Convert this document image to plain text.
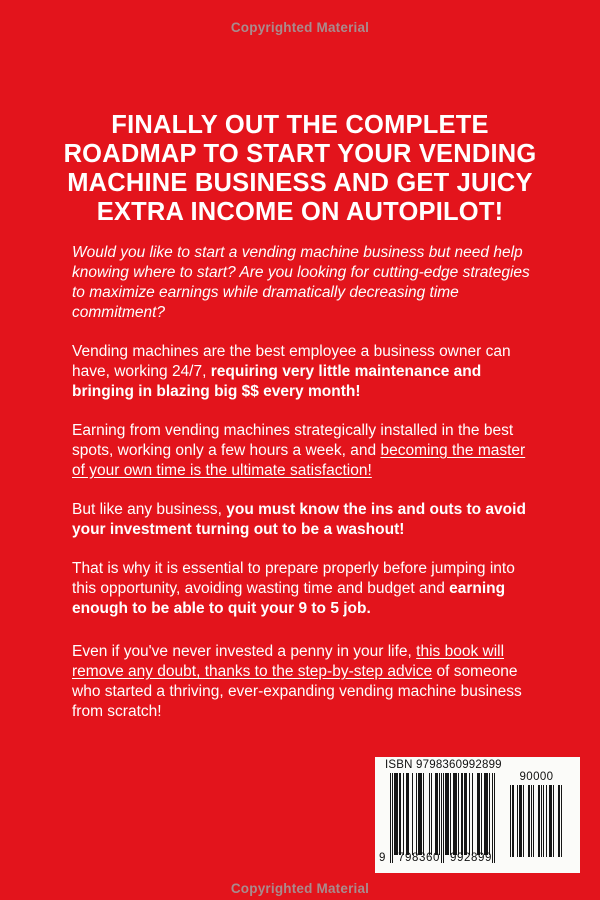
Copyrighted Material
FINALLY OUT THE COMPLETE
ROADMAP TO START YOUR VENDING
MACHINE BUSINESS AND GET JUICY
EXTRA INCOME ON AUTOPILOT!

Would you like to start a vending machine business but need help knowing where to start? Are you looking for cutting-edge strategies to maximize earnings while dramatically decreasing time commitment?

Vending machines are the best employee a business owner can have, working 24/7, requiring very little maintenance and bringing in blazing big $$ every month!

Earning from vending machines strategically installed in the best spots, working only a few hours a week, and becoming the master of your own time is the ultimate satisfaction!

But like any business, you must know the ins and outs to avoid your investment turning out to be a washout!

That is why it is essential to prepare properly before jumping into this opportunity, avoiding wasting time and budget and earning enough to be able to quit your 9 to 5 job.

Even if you've never invested a penny in your life, this book will remove any doubt, thanks to the step-by-step advice of someone who started a thriving, ever-expanding vending machine business from scratch!

ISBN 9798360992899
9	798360 992899
90000
Copyrighted Material
